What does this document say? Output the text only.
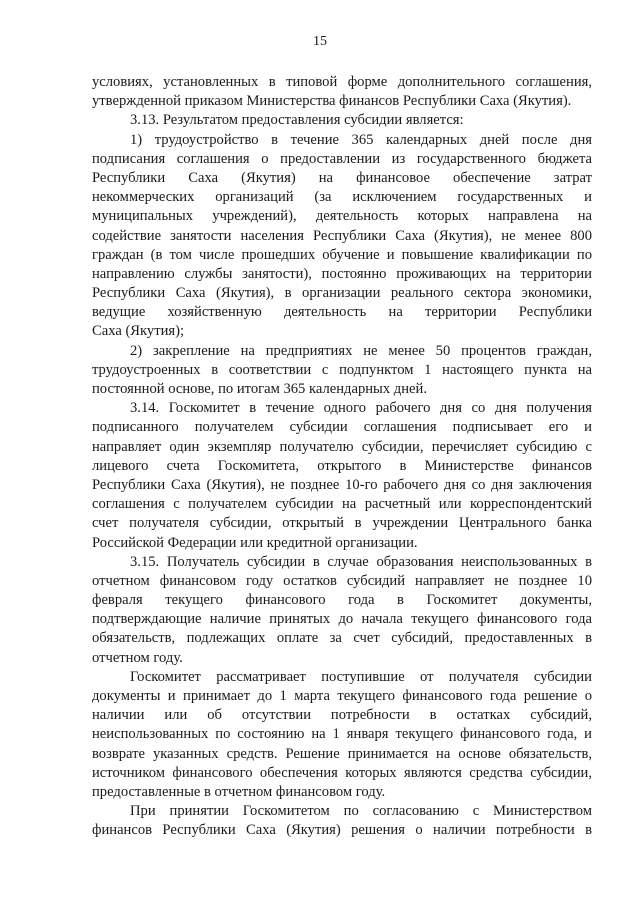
15
условиях, установленных в типовой форме дополнительного соглашения,
утвержденной приказом Министерства финансов Республики Саха (Якутия).
3.13. Результатом предоставления субсидии является:
1) трудоустройство в течение 365 календарных дней после дня
подписания соглашения о предоставлении из государственного бюджета
Республики Саха (Якутия) на финансовое обеспечение затрат
некоммерческих организаций (за исключением государственных и
муниципальных учреждений), деятельность которых направлена на
содействие занятости населения Республики Саха (Якутия), не менее 800
граждан (в том числе прошедших обучение и повышение квалификации по
направлению службы занятости), постоянно проживающих на территории
Республики Саха (Якутия), в организации реального сектора экономики,
ведущие хозяйственную деятельность на территории Республики
Саха (Якутия);
2) закрепление на предприятиях не менее 50 процентов граждан,
трудоустроенных в соответствии с подпунктом 1 настоящего пункта на
постоянной основе, по итогам 365 календарных дней.
3.14. Госкомитет в течение одного рабочего дня со дня получения
подписанного получателем субсидии соглашения подписывает его и
направляет один экземпляр получателю субсидии, перечисляет субсидию с
лицевого счета Госкомитета, открытого в Министерстве финансов
Республики Саха (Якутия), не позднее 10-го рабочего дня со дня заключения
соглашения с получателем субсидии на расчетный или корреспондентский
счет получателя субсидии, открытый в учреждении Центрального банка
Российской Федерации или кредитной организации.
3.15. Получатель субсидии в случае образования неиспользованных в
отчетном финансовом году остатков субсидий направляет не позднее 10
февраля текущего финансового года в Госкомитет документы,
подтверждающие наличие принятых до начала текущего финансового года
обязательств, подлежащих оплате за счет субсидий, предоставленных в
отчетном году.
Госкомитет рассматривает поступившие от получателя субсидии
документы и принимает до 1 марта текущего финансового года решение о
наличии или об отсутствии потребности в остатках субсидий,
неиспользованных по состоянию на 1 января текущего финансового года, и
возврате указанных средств. Решение принимается на основе обязательств,
источником финансового обеспечения которых являются средства субсидии,
предоставленные в отчетном финансовом году.
При принятии Госкомитетом по согласованию с Министерством
финансов Республики Саха (Якутия) решения о наличии потребности в
